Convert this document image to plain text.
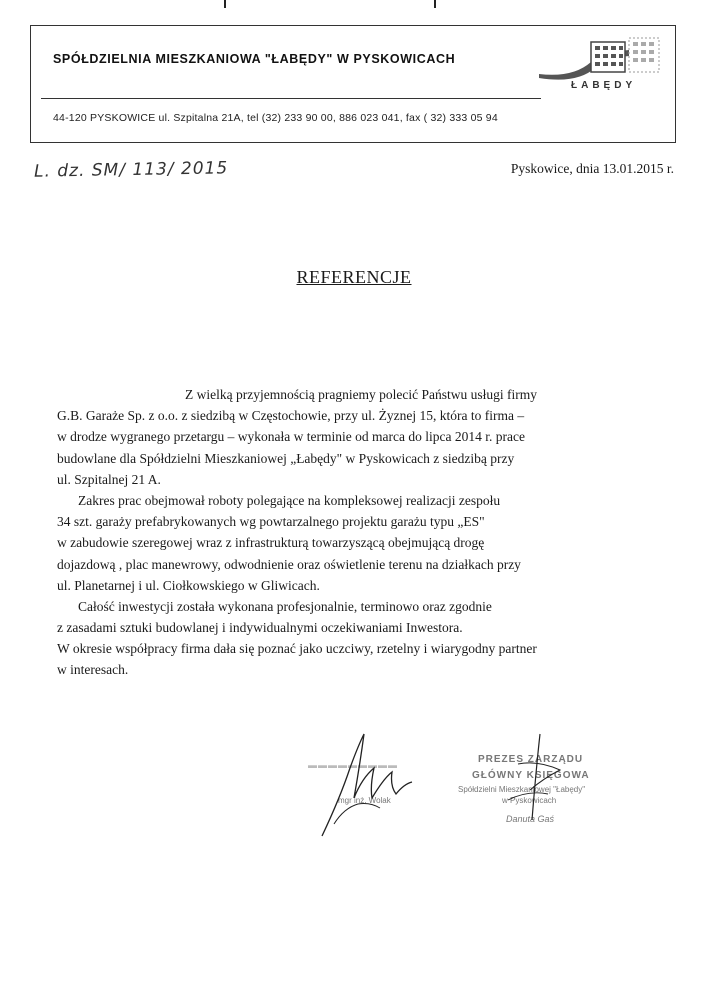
SPÓŁDZIELNIA MIESZKANIOWA "ŁABĘDY" W PYSKOWICACH
44-120 PYSKOWICE ul. Szpitalna 21A, tel (32) 233 90 00, 886 023 041, fax ( 32) 333 05 94
ŁABĘDY
L. dz. SM/ 113/ 2015	Pyskowice, dnia 13.01.2015 r.
REFERENCJE
Z wielką przyjemnością pragniemy polecić Państwu usługi firmy
G.B. Garaże Sp. z o.o. z siedzibą w Częstochowie, przy ul. Żyznej 15, która to firma –
w drodze wygranego przetargu – wykonała w terminie od marca do lipca 2014 r. prace
budowlane dla Spółdzielni Mieszkaniowej „Łabędy" w Pyskowicach z siedzibą przy
ul. Szpitalnej 21 A.
Zakres prac obejmował roboty polegające na kompleksowej realizacji zespołu
34 szt. garaży prefabrykowanych wg powtarzalnego projektu garażu typu „ES"
w zabudowie szeregowej wraz z infrastrukturą towarzyszącą obejmującą drogę
dojazdową , plac manewrowy, odwodnienie oraz oświetlenie terenu na działkach przy
ul. Planetarnej i ul. Ciołkowskiego w Gliwicach.
Całość inwestycji została wykonana profesjonalnie, terminowo oraz zgodnie
z zasadami sztuki budowlanej i indywidualnymi oczekiwaniami Inwestora.
W okresie współpracy firma dała się poznać jako uczciwy, rzetelny i wiarygodny partner
w interesach.
▬▬▬▬▬▬▬▬▬
mgr inż. Wolak
PREZES ZARZĄDU
GŁÓWNY KSIĘGOWA
Spółdzielni Mieszkaniowej "Łabędy"
w Pyskowicach
Danuta Gaś
